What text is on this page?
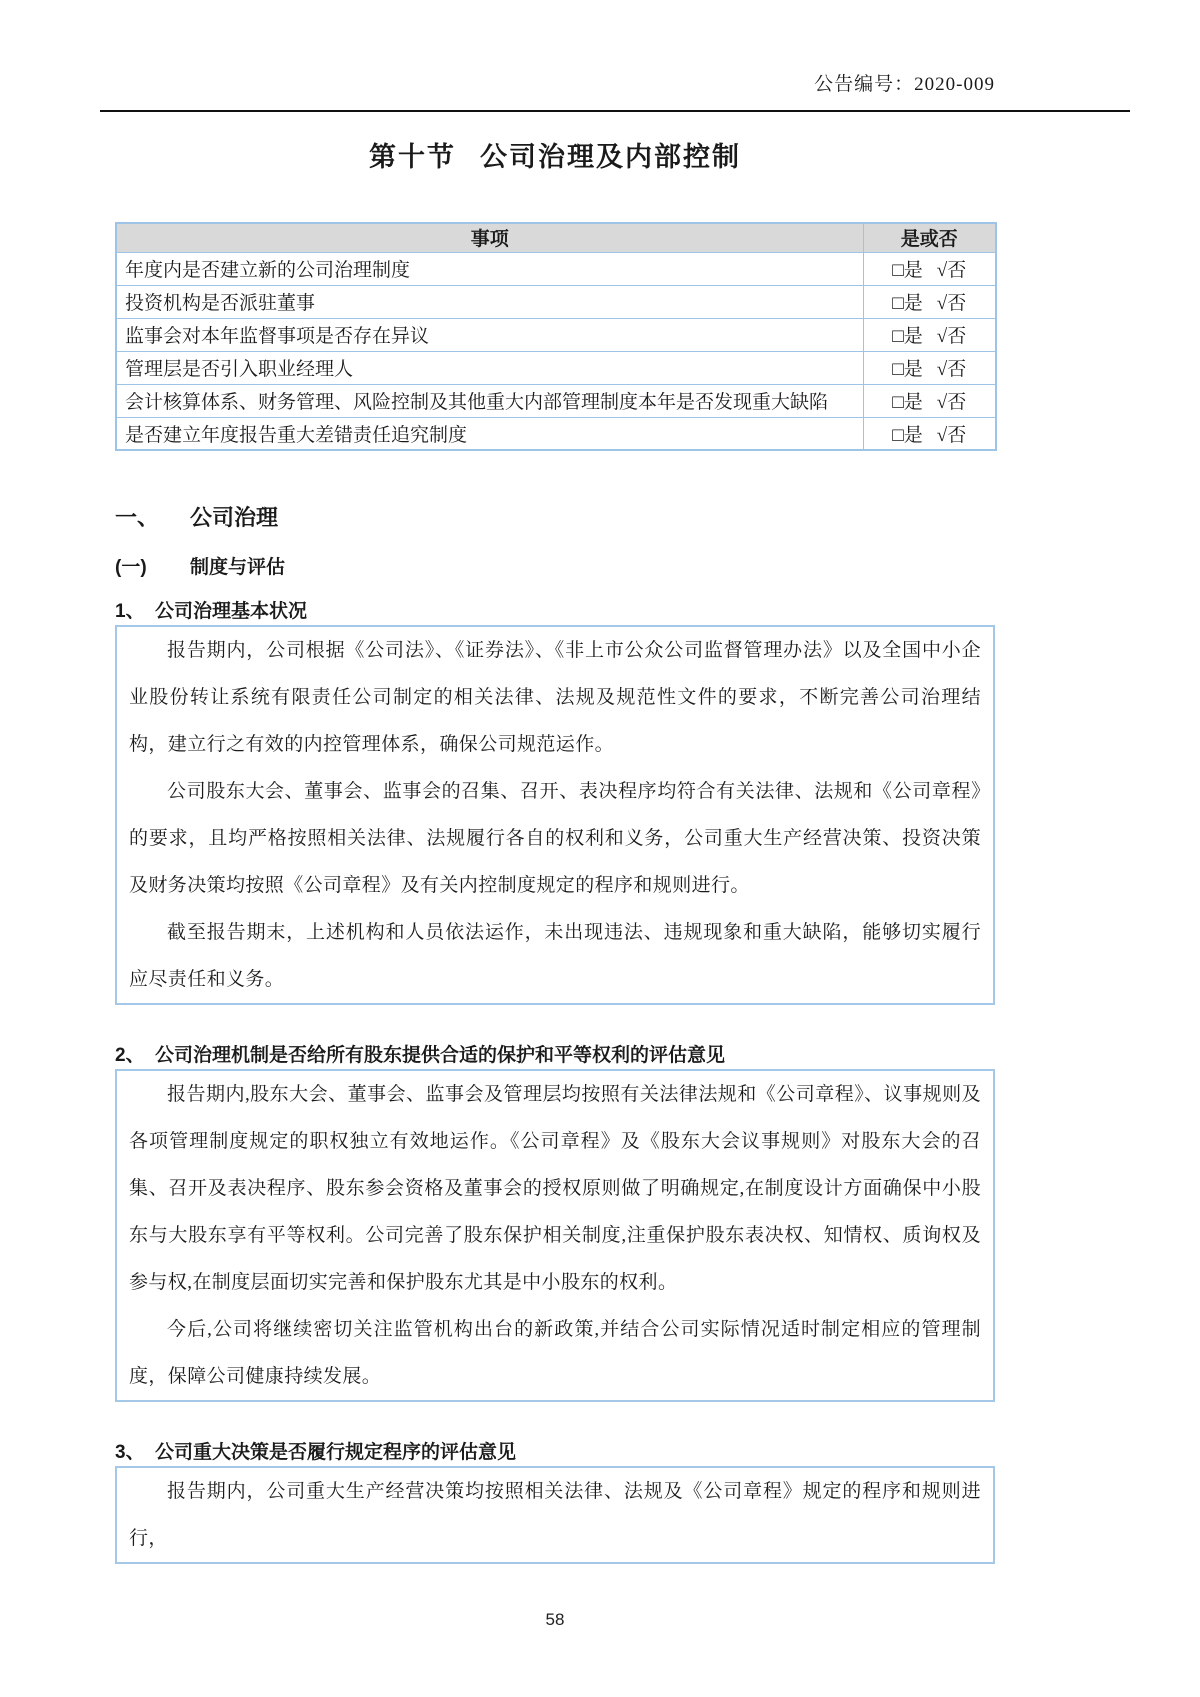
公告编号：2020-009
第十节 公司治理及内部控制
事项	是或否
年度内是否建立新的公司治理制度	□是 √否
投资机构是否派驻董事	□是 √否
监事会对本年监督事项是否存在异议	□是 √否
管理层是否引入职业经理人	□是 √否
会计核算体系、财务管理、风险控制及其他重大内部管理制度本年是否发现重大缺陷	□是 √否
是否建立年度报告重大差错责任追究制度	□是 √否
一、	公司治理
(一)	制度与评估
1、 公司治理基本状况

报告期内，公司根据《公司法》、《证券法》、《非上市公众公司监督管理办法》以及全国中小企业股份转让系统有限责任公司制定的相关法律、法规及规范性文件的要求，不断完善公司治理结构，建立行之有效的内控管理体系，确保公司规范运作。

公司股东大会、董事会、监事会的召集、召开、表决程序均符合有关法律、法规和《公司章程》的要求，且均严格按照相关法律、法规履行各自的权利和义务，公司重大生产经营决策、投资决策及财务决策均按照《公司章程》及有关内控制度规定的程序和规则进行。

截至报告期末，上述机构和人员依法运作，未出现违法、违规现象和重大缺陷，能够切实履行应尽责任和义务。

2、 公司治理机制是否给所有股东提供合适的保护和平等权利的评估意见

报告期内,股东大会、董事会、监事会及管理层均按照有关法律法规和《公司章程》、议事规则及各项管理制度规定的职权独立有效地运作。《公司章程》及《股东大会议事规则》对股东大会的召集、召开及表决程序、股东参会资格及董事会的授权原则做了明确规定,在制度设计方面确保中小股东与大股东享有平等权利。公司完善了股东保护相关制度,注重保护股东表决权、知情权、质询权及参与权,在制度层面切实完善和保护股东尤其是中小股东的权利。

今后,公司将继续密切关注监管机构出台的新政策,并结合公司实际情况适时制定相应的管理制度，保障公司健康持续发展。

3、 公司重大决策是否履行规定程序的评估意见

报告期内，公司重大生产经营决策均按照相关法律、法规及《公司章程》规定的程序和规则进行，

58
